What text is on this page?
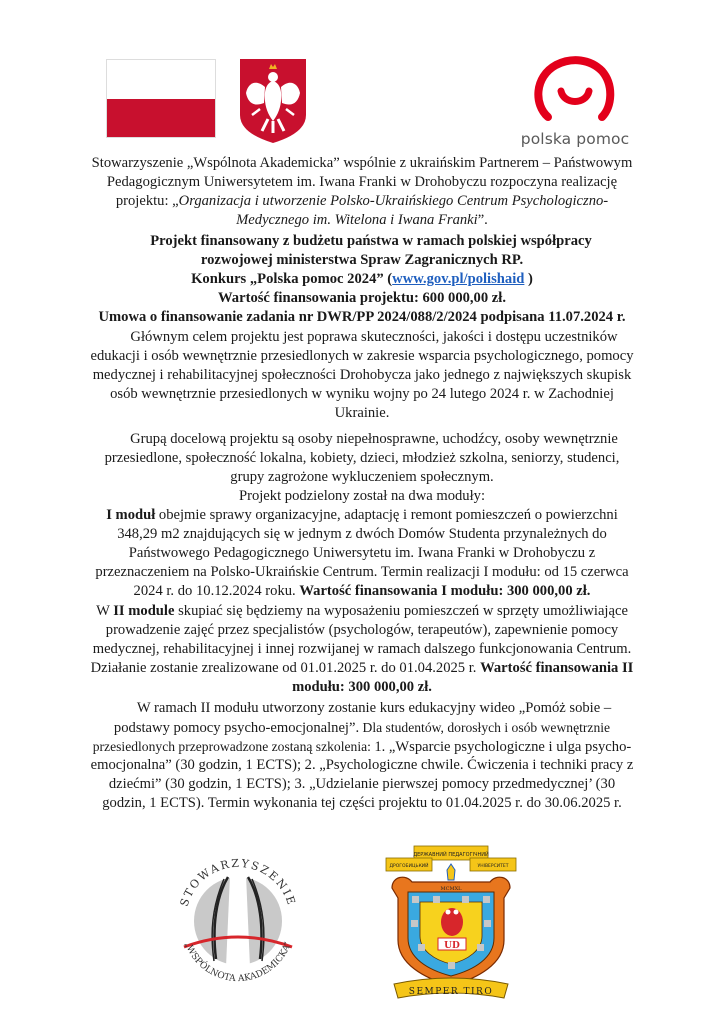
polska pomoc
Stowarzyszenie „Wspólnota Akademicka” wspólnie z ukraińskim Partnerem – Państwowym
Pedagogicznym Uniwersytetem im. Iwana Franki w Drohobyczu rozpoczyna realizację
projektu: „Organizacja i utworzenie Polsko-Ukraińskiego Centrum Psychologiczno-
Medycznego im. Witelona i Iwana Franki”.
Projekt finansowany z budżetu państwa w ramach polskiej współpracy
rozwojowej ministerstwa Spraw Zagranicznych RP.
Konkurs „Polska pomoc 2024” (www.gov.pl/polishaid )
Wartość finansowania projektu: 600 000,00 zł.
Umowa o finansowanie zadania nr DWR/PP 2024/088/2/2024 podpisana 11.07.2024 r.
Głównym celem projektu jest poprawa skuteczności, jakości i dostępu uczestników
edukacji i osób wewnętrznie przesiedlonych w zakresie wsparcia psychologicznego, pomocy
medycznej i rehabilitacyjnej społeczności Drohobycza jako jednego z największych skupisk
osób wewnętrznie przesiedlonych w wyniku wojny po 24 lutego 2024 r. w Zachodniej
Ukrainie.
Grupą docelową projektu są osoby niepełnosprawne, uchodźcy, osoby wewnętrznie
przesiedlone, społeczność lokalna, kobiety, dzieci, młodzież szkolna, seniorzy, studenci,
grupy zagrożone wykluczeniem społecznym.
Projekt podzielony został na dwa moduły:
I moduł obejmie sprawy organizacyjne, adaptację i remont pomieszczeń o powierzchni
348,29 m2 znajdujących się w jednym z dwóch Domów Studenta przynależnych do
Państwowego Pedagogicznego Uniwersytetu im. Iwana Franki w Drohobyczu z
przeznaczeniem na Polsko-Ukraińskie Centrum. Termin realizacji I modułu: od 15 czerwca
2024 r. do 10.12.2024 roku. Wartość finansowania I modułu: 300 000,00 zł.
W II module skupiać się będziemy na wyposażeniu pomieszczeń w sprzęty umożliwiające
prowadzenie zajęć przez specjalistów (psychologów, terapeutów), zapewnienie pomocy
medycznej, rehabilitacyjnej i innej rozwijanej w ramach dalszego funkcjonowania Centrum.
Działanie zostanie zrealizowane od 01.01.2025 r. do 01.04.2025 r. Wartość finansowania II
modułu: 300 000,00 zł.
W ramach II modułu utworzony zostanie kurs edukacyjny wideo „Pomóż sobie –
podstawy pomocy psycho-emocjonalnej”. Dla studentów, dorosłych i osób wewnętrznie
przesiedlonych przeprowadzone zostaną szkolenia: 1. „Wsparcie psychologiczne i ulga psycho-
emocjonalna” (30 godzin, 1 ECTS); 2. „Psychologiczne chwile. Ćwiczenia i techniki pracy z
dziećmi” (30 godzin, 1 ECTS); 3. „Udzielanie pierwszej pomocy przedmedycznej’ (30
godzin, 1 ECTS). Termin wykonania tej części projektu to 01.04.2025 r. do 30.06.2025 r.
STOWARZYSZENIE
„WSPÓLNOTA AKADEMICKA”
ДЕРЖАВНИЙ ПЕДАГОГІЧНИЙ
ДРОГОБИЦЬКИЙ	УНІВЕРСИТЕТ
MCMXL
UD
SEMPER TIRO
